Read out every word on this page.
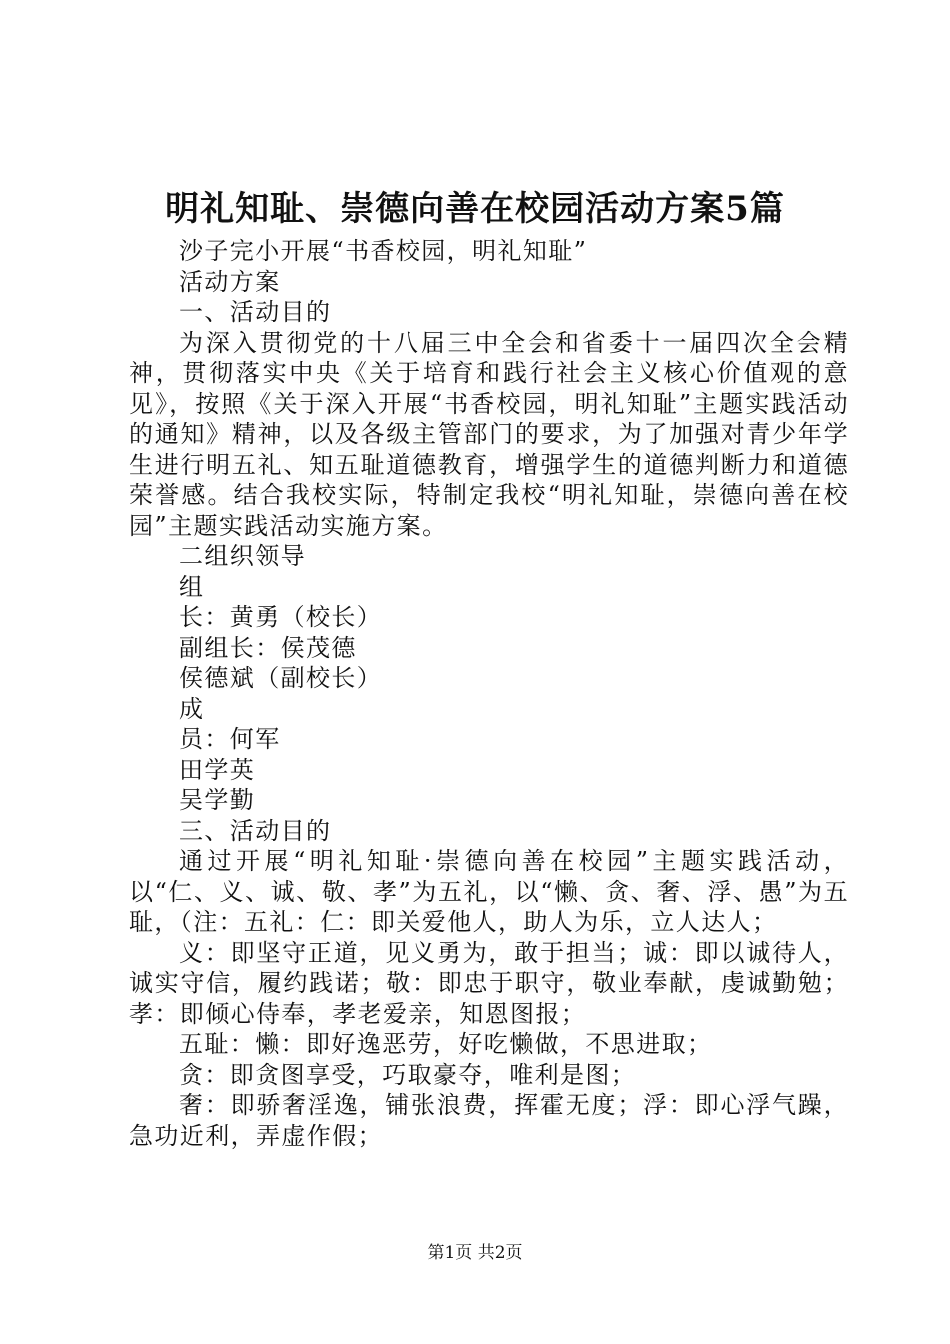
明礼知耻、崇德向善在校园活动方案5篇

沙子完小开展“书香校园，明礼知耻”

活动方案

一、活动目的

为深入贯彻党的十八届三中全会和省委十一届四次全会精神，贯彻落实中央《关于培育和践行社会主义核心价值观的意见》，按照《关于深入开展“书香校园，明礼知耻”主题实践活动的通知》精神，以及各级主管部门的要求，为了加强对青少年学生进行明五礼、知五耻道德教育，增强学生的道德判断力和道德荣誉感。结合我校实际，特制定我校“明礼知耻，崇德向善在校园”主题实践活动实施方案。

二组织领导

组

长：黄勇（校长）

副组长：侯茂德

侯德斌（副校长）

成

员：何军

田学英

吴学勤

三、活动目的

通过开展“明礼知耻·崇德向善在校园”主题实践活动，以“仁、义、诚、敬、孝”为五礼，以“懒、贪、奢、浮、愚”为五耻，（注：五礼：仁：即关爱他人，助人为乐，立人达人；

义：即坚守正道，见义勇为，敢于担当；诚：即以诚待人，诚实守信，履约践诺；敬：即忠于职守，敬业奉献，虔诚勤勉；孝：即倾心侍奉，孝老爱亲，知恩图报；

五耻：懒：即好逸恶劳，好吃懒做，不思进取；

贪：即贪图享受，巧取豪夺，唯利是图；

奢：即骄奢淫逸，铺张浪费，挥霍无度；浮：即心浮气躁，急功近利，弄虚作假；

第1页 共2页
